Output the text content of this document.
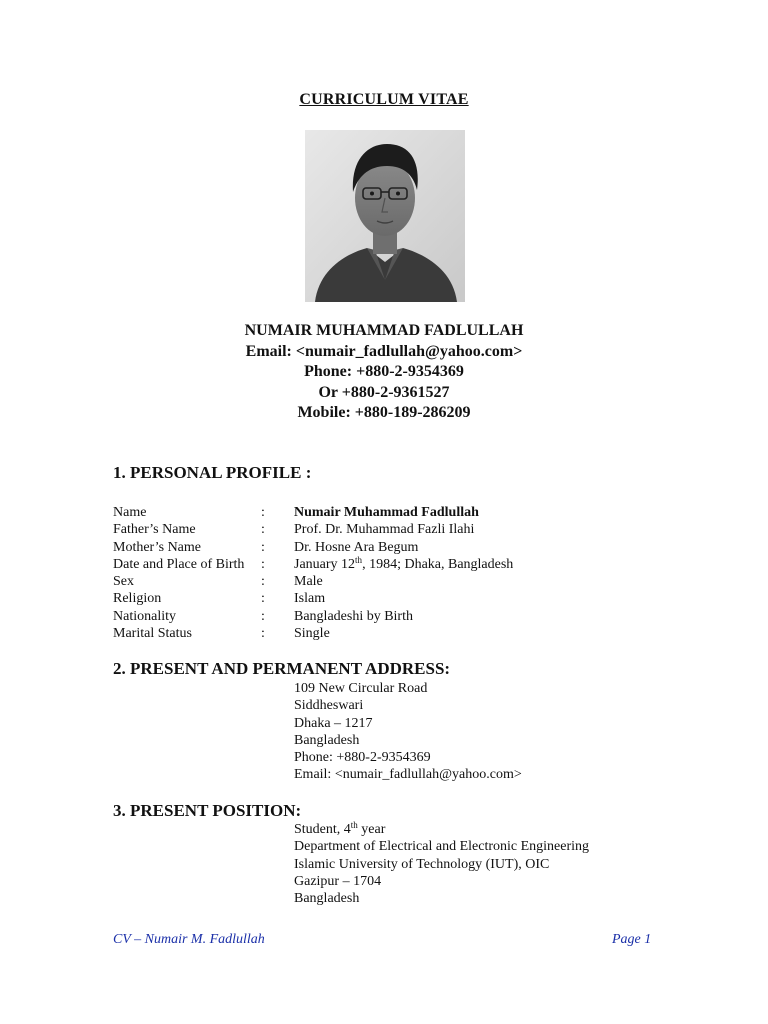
CURRICULUM VITAE
NUMAIR MUHAMMAD FADLULLAH
Email: <numair_fadlullah@yahoo.com>
Phone: +880-2-9354369
Or +880-2-9361527
Mobile: +880-189-286209
1. PERSONAL PROFILE :
Name	:	Numair Muhammad Fadlullah
Father’s Name	:	Prof. Dr. Muhammad Fazli Ilahi
Mother’s Name	:	Dr. Hosne Ara Begum
Date and Place of Birth	:	January 12th, 1984; Dhaka, Bangladesh
Sex	:	Male
Religion	:	Islam
Nationality	:	Bangladeshi by Birth
Marital Status	:	Single
2. PRESENT AND PERMANENT ADDRESS:
109 New Circular Road
Siddheswari
Dhaka – 1217
Bangladesh
Phone: +880-2-9354369
Email: <numair_fadlullah@yahoo.com>
3. PRESENT POSITION:
Student, 4th year
Department of Electrical and Electronic Engineering
Islamic University of Technology (IUT), OIC
Gazipur – 1704
Bangladesh
CV – Numair M. Fadlullah	Page 1
